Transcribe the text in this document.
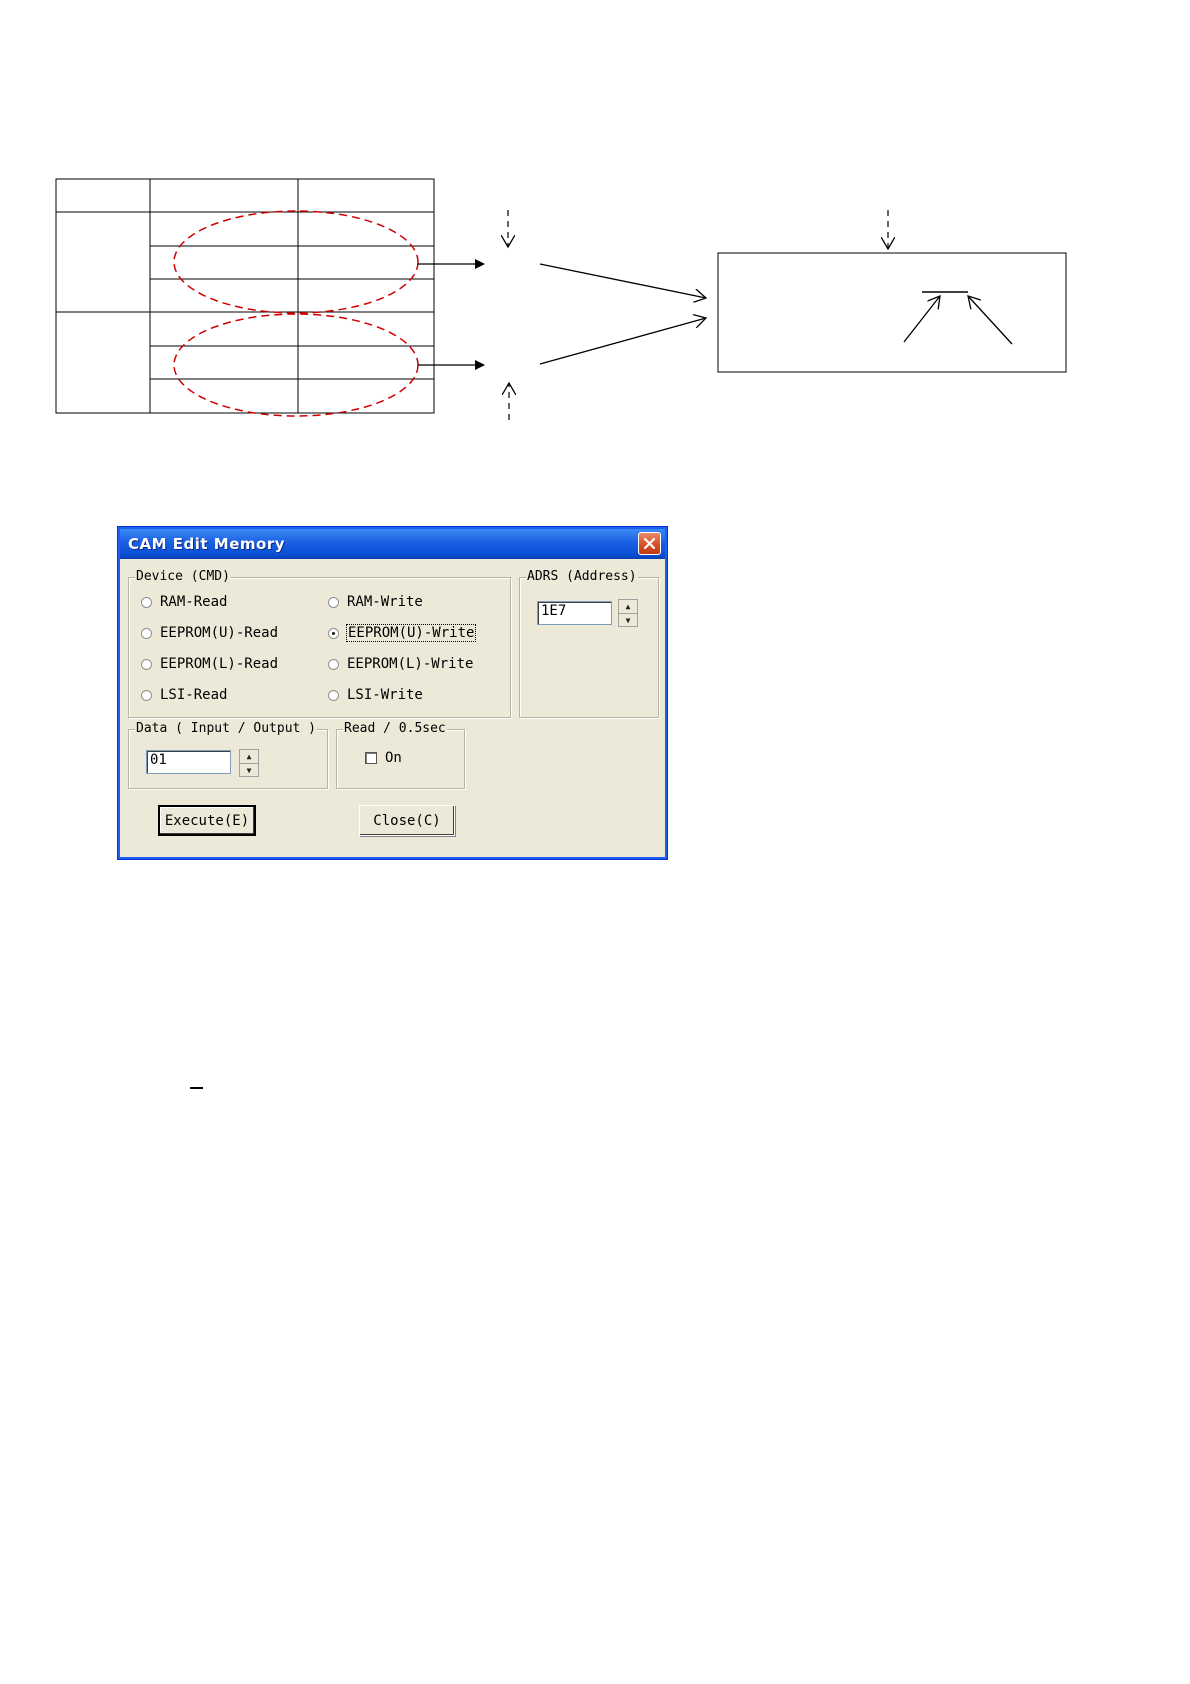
CAM Edit Memory
Device (CMD)
RAM-Read	RAM-Write
EEPROM(U)-Read	EEPROM(U)-Write
EEPROM(L)-Read	EEPROM(L)-Write
LSI-Read	LSI-Write
ADRS (Address)
1E7	▲
▼
Data ( Input / Output )
01	▲
▼
Read / 0.5sec
On
Execute(E)	Close(C)
